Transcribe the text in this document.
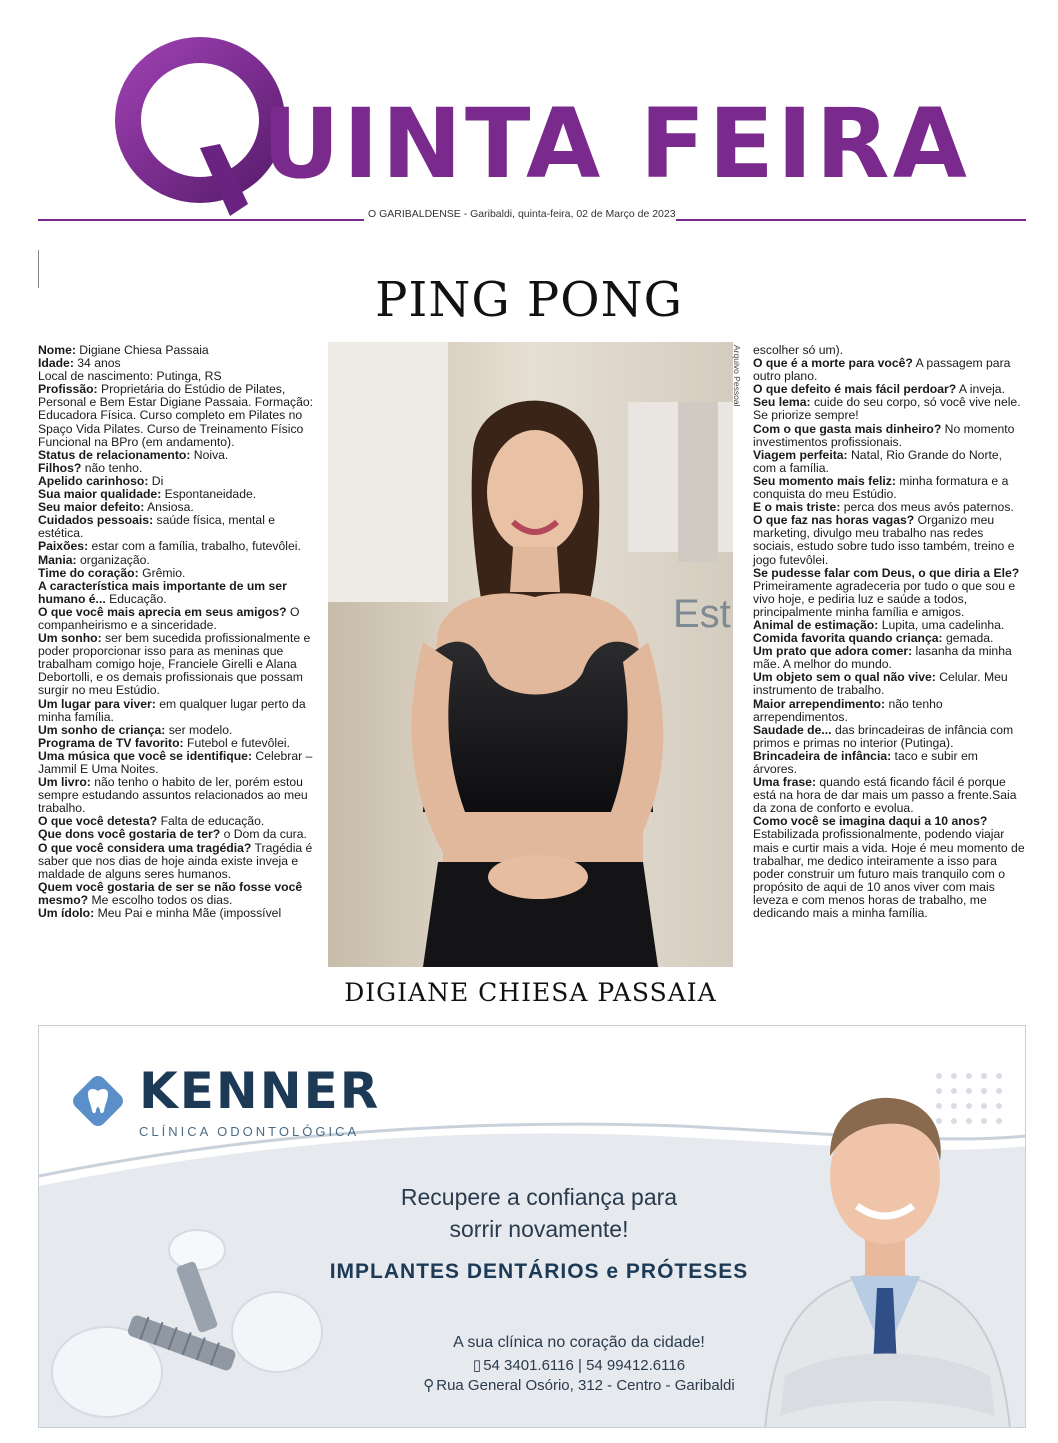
UINTA FEIRA
O GARIBALDENSE - Garibaldi, quinta-feira, 02 de Março de 2023
PING PONG
Nome: Digiane Chiesa Passaia
Idade: 34 anos
Local de nascimento: Putinga, RS
Profissão: Proprietária do Estúdio de Pilates, Personal e Bem Estar Digiane Passaia. Formação: Educadora Física. Curso completo em Pilates no Spaço Vida Pilates. Curso de Treinamento Físico Funcional na BPro (em andamento).
Status de relacionamento: Noiva.
Filhos? não tenho.
Apelido carinhoso: Di
Sua maior qualidade: Espontaneidade.
Seu maior defeito: Ansiosa.
Cuidados pessoais: saúde física, mental e estética.
Paixões: estar com a família, trabalho, futevôlei.
Mania: organização.
Time do coração: Grêmio.
A característica mais importante de um ser humano é... Educação.
O que você mais aprecia em seus amigos? O companheirismo e a sinceridade.
Um sonho: ser bem sucedida profissionalmente e poder proporcionar isso para as meninas que trabalham comigo hoje, Franciele Girelli e Alana Debortolli, e os demais profissionais que possam surgir no meu Estúdio.
Um lugar para viver: em qualquer lugar perto da minha família.
Um sonho de criança: ser modelo.
Programa de TV favorito: Futebol e futevôlei.
Uma música que você se identifique: Celebrar – Jammil E Uma Noites.
Um livro: não tenho o habito de ler, porém estou sempre estudando assuntos relacionados ao meu trabalho.
O que você detesta? Falta de educação.
Que dons você gostaria de ter? o Dom da cura.
O que você considera uma tragédia? Tragédia é saber que nos dias de hoje ainda existe inveja e maldade de alguns seres humanos.
Quem você gostaria de ser se não fosse você mesmo? Me escolho todos os dias.
Um ídolo: Meu Pai e minha Mãe (impossível
Est
Arquivo Pessoal
DIGIANE CHIESA PASSAIA
escolher só um).
O que é a morte para você? A passagem para outro plano.
O que defeito é mais fácil perdoar? A inveja.
Seu lema: cuide do seu corpo, só você vive nele. Se priorize sempre!
Com o que gasta mais dinheiro? No momento investimentos profissionais.
Viagem perfeita: Natal, Rio Grande do Norte, com a família.
Seu momento mais feliz: minha formatura e a conquista do meu Estúdio.
E o mais triste: perca dos meus avós paternos.
O que faz nas horas vagas? Organizo meu marketing, divulgo meu trabalho nas redes sociais, estudo sobre tudo isso também, treino e jogo futevôlei.
Se pudesse falar com Deus, o que diria a Ele? Primeiramente agradeceria por tudo o que sou e vivo hoje, e pediria luz e saúde a todos, principalmente minha família e amigos.
Animal de estimação: Lupita, uma cadelinha.
Comida favorita quando criança: gemada.
Um prato que adora comer: lasanha da minha mãe. A melhor do mundo.
Um objeto sem o qual não vive: Celular. Meu instrumento de trabalho.
Maior arrependimento: não tenho arrependimentos.
Saudade de... das brincadeiras de infância com primos e primas no interior (Putinga).
Brincadeira de infância: taco e subir em árvores.
Uma frase: quando está ficando fácil é porque está na hora de dar mais um passo a frente.Saia da zona de conforto e evolua.
Como você se imagina daqui a 10 anos? Estabilizada profissionalmente, podendo viajar mais e curtir mais a vida. Hoje é meu momento de trabalhar, me dedico inteiramente a isso para poder construir um futuro mais tranquilo com o propósito de aqui de 10 anos viver com mais leveza e com menos horas de trabalho, me dedicando mais a minha família.
KENNER
CLÍNICA ODONTOLÓGICA
Recupere a confiança para
sorrir novamente!
IMPLANTES DENTÁRIOS e PRÓTESES
A sua clínica no coração da cidade!
▯ 54 3401.6116 | 54 99412.6116
⚲ Rua General Osório, 312 - Centro - Garibaldi
